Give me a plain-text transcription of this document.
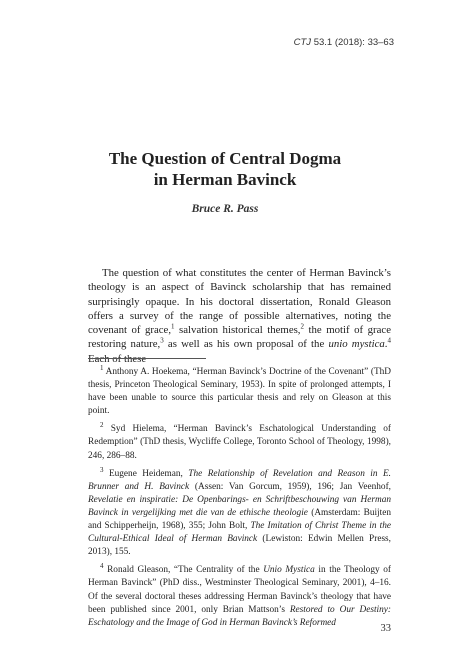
CTJ 53.1 (2018): 33–63
The Question of Central Dogma
in Herman Bavinck
Bruce R. Pass

The question of what constitutes the center of Herman Bavinck’s theology is an aspect of Bavinck scholarship that has remained surprisingly opaque. In his doctoral dissertation, Ronald Gleason offers a survey of the range of possible alternatives, noting the covenant of grace,$^1$ salvation historical themes,$^2$ the motif of grace restoring nature,$^3$ as well as his own proposal of the unio mystica.$^4$ Each of these

$^1$ Anthony A. Hoekema, “Herman Bavinck’s Doctrine of the Covenant” (ThD thesis, Princeton Theological Seminary, 1953). In spite of prolonged attempts, I have been unable to source this particular thesis and rely on Gleason at this point.

$^2$ Syd Hielema, “Herman Bavinck’s Eschatological Understanding of Redemption” (ThD thesis, Wycliffe College, Toronto School of Theology, 1998), 246, 286–88.

$^3$ Eugene Heideman, The Relationship of Revelation and Reason in E. Brunner and H. Bavinck (Assen: Van Gorcum, 1959), 196; Jan Veenhof, Revelatie en inspiratie: De Openbarings- en Schriftbeschouwing van Herman Bavinck in vergelijking met die van de ethische theologie (Amsterdam: Buijten and Schipperheijn, 1968), 355; John Bolt, The Imitation of Christ Theme in the Cultural-Ethical Ideal of Herman Bavinck (Lewiston: Edwin Mellen Press, 2013), 155.

$^4$ Ronald Gleason, “The Centrality of the Unio Mystica in the Theology of Herman Bavinck” (PhD diss., Westminster Theological Seminary, 2001), 4–16. Of the several doctoral theses addressing Herman Bavinck’s theology that have been published since 2001, only Brian Mattson’s Restored to Our Destiny: Eschatology and the Image of God in Herman Bavinck’s Reformed

33
